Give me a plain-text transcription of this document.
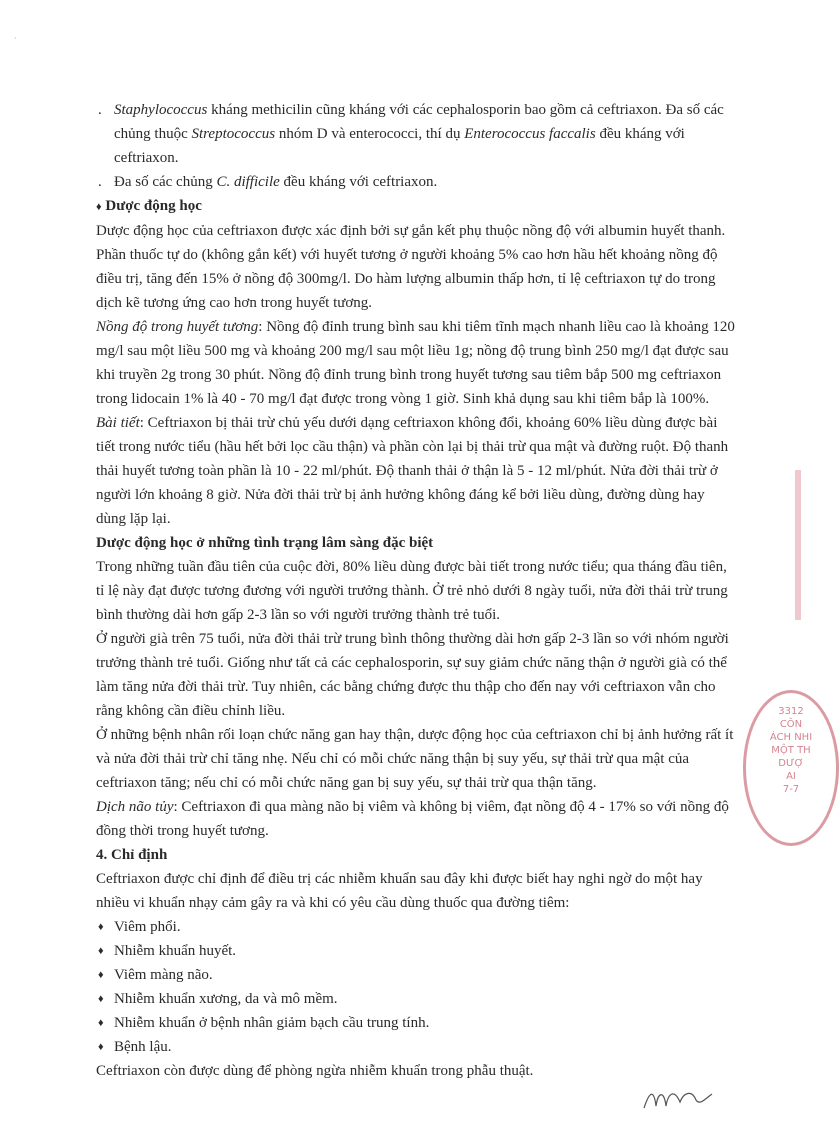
·
. Staphylococcus kháng methicilin cũng kháng với các cephalosporin bao gồm cả ceftriaxon. Đa số các chủng thuộc Streptococcus nhóm D và enterococci, thí dụ Enterococcus faccalis đều kháng với ceftriaxon.

. Đa số các chủng C. difficile đều kháng với ceftriaxon.

♦ Dược động học

Dược động học của ceftriaxon được xác định bởi sự gắn kết phụ thuộc nồng độ với albumin huyết thanh. Phần thuốc tự do (không gắn kết) với huyết tương ở người khoảng 5% cao hơn hầu hết khoảng nồng độ điều trị, tăng đến 15% ở nồng độ 300mg/l. Do hàm lượng albumin thấp hơn, tỉ lệ ceftriaxon tự do trong dịch kẽ tương ứng cao hơn trong huyết tương.

Nồng độ trong huyết tương: Nồng độ đỉnh trung bình sau khi tiêm tĩnh mạch nhanh liều cao là khoảng 120 mg/l sau một liều 500 mg và khoảng 200 mg/l sau một liều 1g; nồng độ trung bình 250 mg/l đạt được sau khi truyền 2g trong 30 phút. Nồng độ đỉnh trung bình trong huyết tương sau tiêm bắp 500 mg ceftriaxon trong lidocain 1% là 40 - 70 mg/l đạt được trong vòng 1 giờ. Sinh khả dụng sau khi tiêm bắp là 100%.

Bài tiết: Ceftriaxon bị thải trừ chủ yếu dưới dạng ceftriaxon không đổi, khoảng 60% liều dùng được bài tiết trong nước tiểu (hầu hết bởi lọc cầu thận) và phần còn lại bị thải trừ qua mật và đường ruột. Độ thanh thải huyết tương toàn phần là 10 - 22 ml/phút. Độ thanh thải ở thận là 5 - 12 ml/phút. Nửa đời thải trừ ở người lớn khoảng 8 giờ. Nửa đời thải trừ bị ảnh hưởng không đáng kể bởi liều dùng, đường dùng hay dùng lặp lại.

Dược động học ở những tình trạng lâm sàng đặc biệt

Trong những tuần đầu tiên của cuộc đời, 80% liều dùng được bài tiết trong nước tiểu; qua tháng đầu tiên, tỉ lệ này đạt được tương đương với người trưởng thành. Ở trẻ nhỏ dưới 8 ngày tuổi, nửa đời thải trừ trung bình thường dài hơn gấp 2-3 lần so với người trưởng thành trẻ tuổi.

Ở người già trên 75 tuổi, nửa đời thải trừ trung bình thông thường dài hơn gấp 2-3 lần so với nhóm người trưởng thành trẻ tuổi. Giống như tất cả các cephalosporin, sự suy giảm chức năng thận ở người già có thể làm tăng nửa đời thải trừ. Tuy nhiên, các bằng chứng được thu thập cho đến nay với ceftriaxon vẫn cho rằng không cần điều chỉnh liều.

Ở những bệnh nhân rối loạn chức năng gan hay thận, dược động học của ceftriaxon chỉ bị ảnh hưởng rất ít và nửa đời thải trừ chỉ tăng nhẹ. Nếu chỉ có mỗi chức năng thận bị suy yếu, sự thải trừ qua mật của ceftriaxon tăng; nếu chỉ có mỗi chức năng gan bị suy yếu, sự thải trừ qua thận tăng.

Dịch não tủy: Ceftriaxon đi qua màng não bị viêm và không bị viêm, đạt nồng độ 4 - 17% so với nồng độ đồng thời trong huyết tương.

4. Chỉ định

Ceftriaxon được chỉ định để điều trị các nhiễm khuẩn sau đây khi được biết hay nghi ngờ do một hay nhiều vi khuẩn nhạy cảm gây ra và khi có yêu cầu dùng thuốc qua đường tiêm:

♦ Viêm phổi.
♦ Nhiễm khuẩn huyết.
♦ Viêm màng não.
♦ Nhiễm khuẩn xương, da và mô mềm.
♦ Nhiễm khuẩn ở bệnh nhân giảm bạch cầu trung tính.
♦ Bệnh lậu.

Ceftriaxon còn được dùng để phòng ngừa nhiễm khuẩn trong phẫu thuật.

3312
CÔN
ÁCH NHI
MỘT TH
DƯỢ
AI
7-7
